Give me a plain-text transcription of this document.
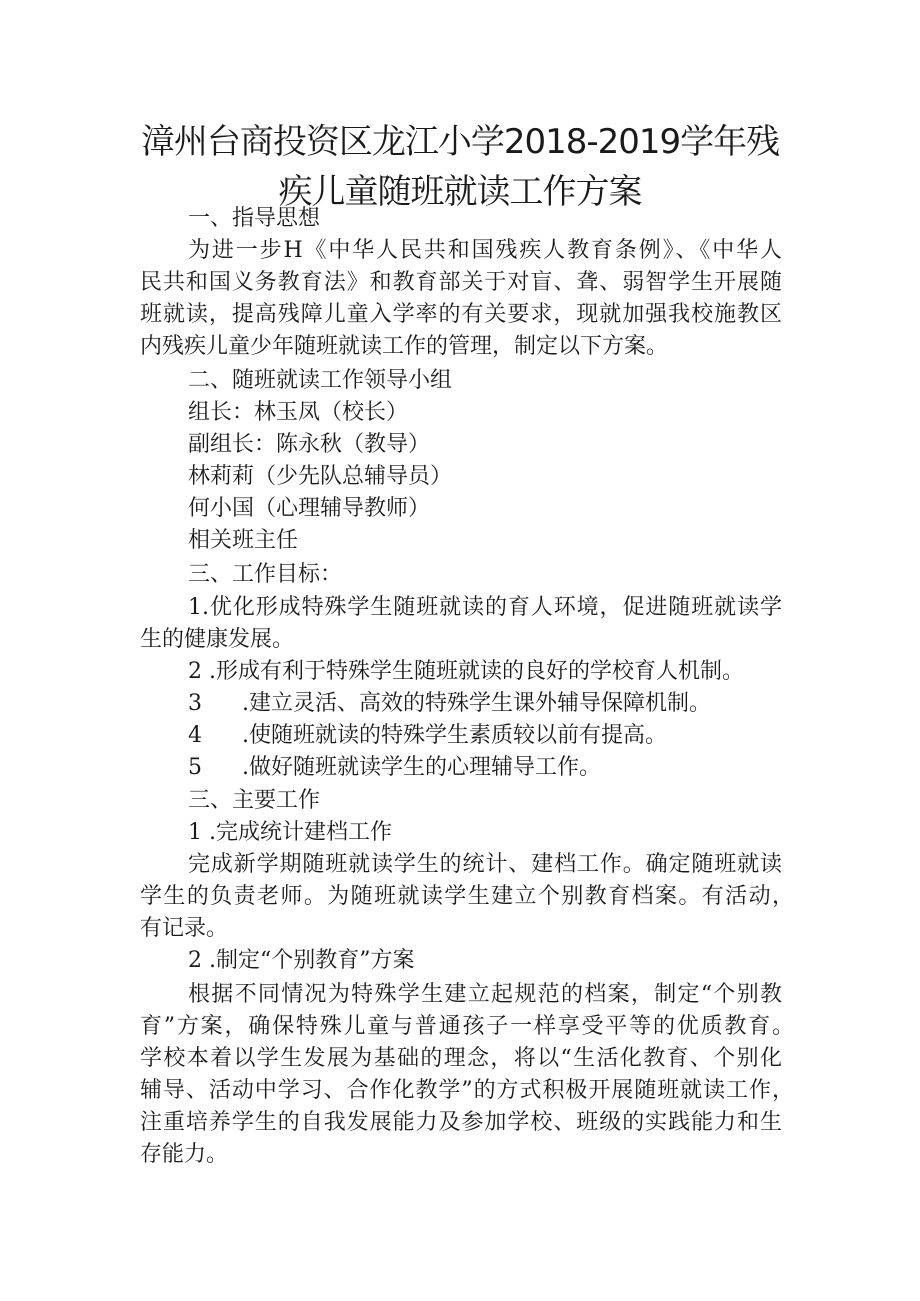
漳州台商投资区龙江小学2018-2019学年残
疾儿童随班就读工作方案
一、指导思想
为进一步H《中华人民共和国残疾人教育条例》、《中华人
民共和国义务教育法》和教育部关于对盲、聋、弱智学生开展随
班就读，提高残障儿童入学率的有关要求，现就加强我校施教区
内残疾儿童少年随班就读工作的管理，制定以下方案。
二、随班就读工作领导小组
组长：林玉凤（校长）
副组长：陈永秋（教导）
林莉莉（少先队总辅导员）
何小国（心理辅导教师）
相关班主任
三、工作目标：
1.优化形成特殊学生随班就读的育人环境，促进随班就读学
生的健康发展。
2 .形成有利于特殊学生随班就读的良好的学校育人机制。
3 .建立灵活、高效的特殊学生课外辅导保障机制。
4 .使随班就读的特殊学生素质较以前有提高。
5 .做好随班就读学生的心理辅导工作。
三、主要工作
1 .完成统计建档工作
完成新学期随班就读学生的统计、建档工作。确定随班就读
学生的负责老师。为随班就读学生建立个别教育档案。有活动，
有记录。
2 .制定“个别教育”方案
根据不同情况为特殊学生建立起规范的档案，制定“个别教
育”方案，确保特殊儿童与普通孩子一样享受平等的优质教育。
学校本着以学生发展为基础的理念，将以“生活化教育、个别化
辅导、活动中学习、合作化教学”的方式积极开展随班就读工作，
注重培养学生的自我发展能力及参加学校、班级的实践能力和生
存能力。
